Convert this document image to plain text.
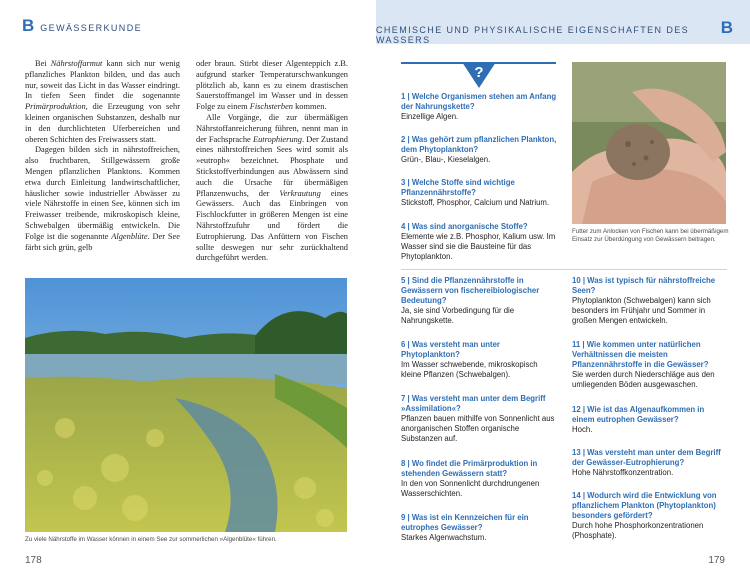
B GEWÄSSERKUNDE	CHEMISCHE UND PHYSIKALISCHE EIGENSCHAFTEN DES WASSERS
B

Bei Nährstoffarmut kann sich nur wenig pflanzliches Plankton bilden, und das auch nur, soweit das Licht in das Wasser eindringt. In tiefen Seen findet die sogenannte Primärproduktion, die Erzeugung von sehr kleinen organischen Substanzen, deshalb nur in den durchlichteten Uferbereichen und oberen Schichten des Freiwassers statt.

Dagegen bilden sich in nährstoffreichen, also fruchtbaren, Stillgewässern große Mengen pflanzlichen Planktons. Kommen etwa durch Einleitung landwirtschaftlicher, häuslicher sowie industrieller Abwässer zu viele Nährstoffe in einen See, können sich im Freiwasser treibende, mikroskopisch kleine, Schwebalgen übermäßig entwickeln. Die Folge ist die sogenannte Algenblüte. Der See färbt sich grün, gelb

oder braun. Stirbt dieser Algenteppich z.B. aufgrund starker Temperaturschwankungen plötzlich ab, kann es zu einem drastischen Sauerstoffmangel im Wasser und in dessen Folge zu einem Fischsterben kommen.

Alle Vorgänge, die zur übermäßigen Nährstoffanreicherung führen, nennt man in der Fachsprache Eutrophierung. Der Zustand eines nährstoffreichen Sees wird somit als »eutroph« bezeichnet. Phosphate und Stickstoffverbindungen aus Abwässern sind auch die Ursache für übermäßigen Pflanzenwuchs, der Verkrautung eines Gewässers. Auch das Einbringen von Fischlockfutter in größeren Mengen ist eine Nährstoffzufuhr und fördert die Eutrophierung. Das Anfüttern von Fischen sollte deswegen nur sehr zurückhaltend durchgeführt werden.

Zu viele Nährstoffe im Wasser können in einem See zur sommerlichen »Algenblüte« führen.
Futter zum Anlocken von Fischen kann bei übermäßigem Einsatz zur Überdüngung von Gewässern beitragen.
?
1 | Welche Organismen stehen am Anfang der Nahrungskette?
Einzellige Algen.
2 | Was gehört zum pflanzlichen Plankton, dem Phytoplankton?
Grün-, Blau-, Kieselalgen.
3 | Welche Stoffe sind wichtige Pflanzennährstoffe?
Stickstoff, Phosphor, Calcium und Natrium.
4 | Was sind anorganische Stoffe?
Elemente wie z.B. Phosphor, Kalium usw. Im Wasser sind sie die Bausteine für das Phytoplankton.
5 | Sind die Pflanzennährstoffe in Gewässern von fischereibiologischer Bedeutung?
Ja, sie sind Vorbedingung für die Nahrungskette.
6 | Was versteht man unter Phytoplankton?
Im Wasser schwebende, mikroskopisch kleine Pflanzen (Schwebalgen).
7 | Was versteht man unter dem Begriff »Assimilation«?
Pflanzen bauen mithilfe von Sonnenlicht aus anorganischen Stoffen organische Substanzen auf.
8 | Wo findet die Primärproduktion in stehenden Gewässern statt?
In den von Sonnenlicht durchdrungenen Wasserschichten.
9 | Was ist ein Kennzeichen für ein eutrophes Gewässer?
Starkes Algenwachstum.
10 | Was ist typisch für nährstoffreiche Seen?
Phytoplankton (Schwebalgen) kann sich besonders im Frühjahr und Sommer in großen Mengen entwickeln.
11 | Wie kommen unter natürlichen Verhältnissen die meisten Pflanzennährstoffe in die Gewässer?
Sie werden durch Niederschläge aus den umliegenden Böden ausgewaschen.
12 | Wie ist das Algenaufkommen in einem eutrophen Gewässer?
Hoch.
13 | Was versteht man unter dem Begriff der Gewässer-Eutrophierung?
Hohe Nährstoffkonzentration.
14 | Wodurch wird die Entwicklung von pflanzlichem Plankton (Phytoplankton) besonders gefördert?
Durch hohe Phosphorkonzentrationen (Phosphate).
178	179
